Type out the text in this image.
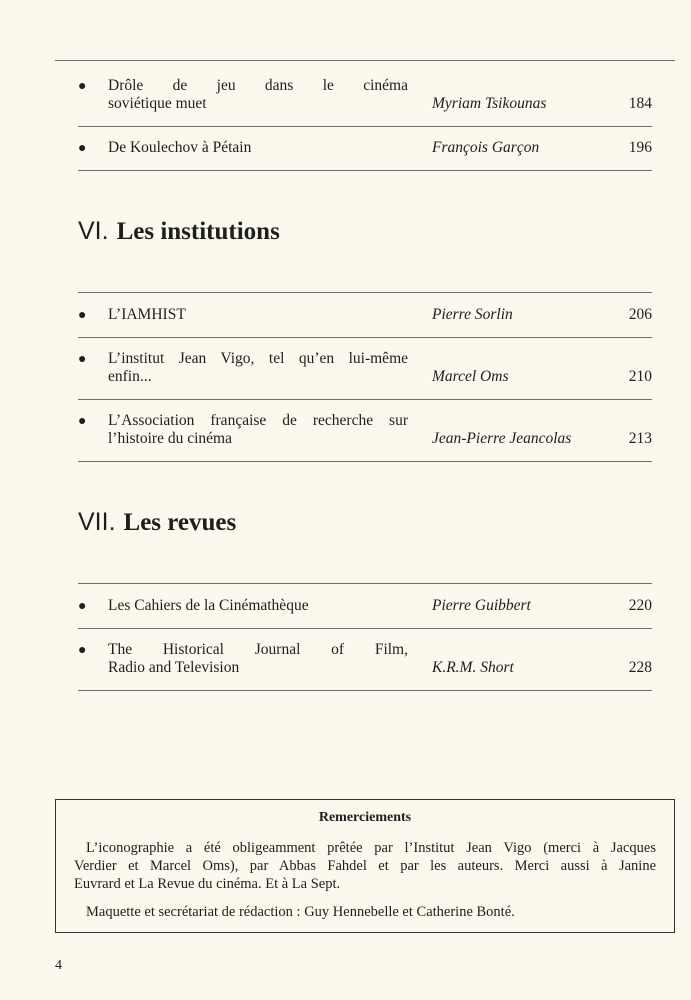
● Drôle de jeu dans le cinéma
soviétique muet	Myriam Tsikounas	184
● De Koulechov à Pétain	François Garçon	196
VI. Les institutions
● L’IAMHIST	Pierre Sorlin	206
● L’institut Jean Vigo, tel qu’en lui-même
enfin...	Marcel Oms	210
● L’Association française de recherche sur
l’histoire du cinéma	Jean-Pierre Jeancolas	213
VII. Les revues
● Les Cahiers de la Cinémathèque	Pierre Guibbert	220
● The Historical Journal of Film,
Radio and Television	K.R.M. Short	228
Remerciements
L’iconographie a été obligeamment prêtée par l’Institut Jean Vigo (merci à Jacques
Verdier et Marcel Oms), par Abbas Fahdel et par les auteurs. Merci aussi à Janine
Euvrard et La Revue du cinéma. Et à La Sept.
Maquette et secrétariat de rédaction : Guy Hennebelle et Catherine Bonté.
4
